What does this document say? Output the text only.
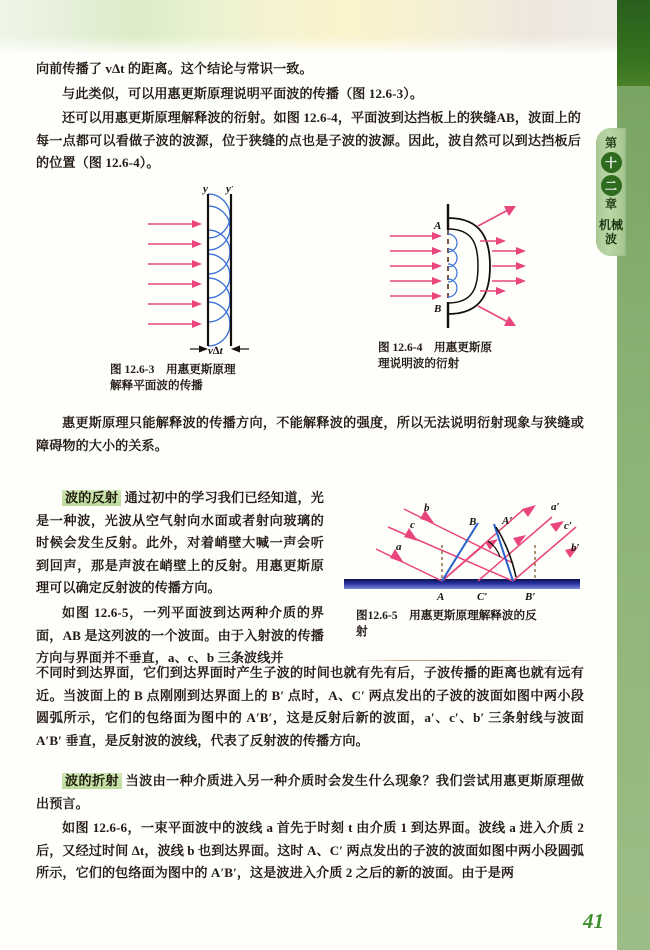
第
十
二
章
机械波

向前传播了 v∆t 的距离。这个结论与常识一致。

与此类似，可以用惠更斯原理说明平面波的传播（图 12.6-3）。

还可以用惠更斯原理解释波的衍射。如图 12.6-4，平面波到达挡板上的狭缝AB，波面上的每一点都可以看做子波的波源，位于狭缝的点也是子波的波源。因此，波自然可以到达挡板后的位置（图 12.6-4）。

y y′
v∆t
图 12.6-3　用惠更斯原理解释平面波的传播
A
B
图 12.6-4　用惠更斯原理说明波的衍射

惠更斯原理只能解释波的传播方向，不能解释波的强度，所以无法说明衍射现象与狭缝或障碍物的大小的关系。

波的反射 通过初中的学习我们已经知道，光是一种波，光波从空气射向水面或者射向玻璃的时候会发生反射。此外，对着峭壁大喊一声会听到回声，那是声波在峭壁上的反射。用惠更斯原理可以确定反射波的传播方向。

如图 12.6-5，一列平面波到达两种介质的界面，AB 是这列波的一个波面。由于入射波的传播方向与界面并不垂直，a、c、b 三条波线并

a
c
b
B A′
a′
c′
b′
A	C′	B′
图12.6-5　用惠更斯原理解释波的反射

不同时到达界面，它们到达界面时产生子波的时间也就有先有后，子波传播的距离也就有远有近。当波面上的 B 点刚刚到达界面上的 B′ 点时，A、C′ 两点发出的子波的波面如图中两小段圆弧所示，它们的包络面为图中的 A′B′，这是反射后新的波面，a′、c′、b′ 三条射线与波面 A′B′ 垂直，是反射波的波线，代表了反射波的传播方向。

波的折射 当波由一种介质进入另一种介质时会发生什么现象？我们尝试用惠更斯原理做出预言。

如图 12.6-6，一束平面波中的波线 a 首先于时刻 t 由介质 1 到达界面。波线 a 进入介质 2 后，又经过时间 ∆t，波线 b 也到达界面。这时 A、C′ 两点发出的子波的波面如图中两小段圆弧所示，它们的包络面为图中的 A′B′，这是波进入介质 2 之后的新的波面。由于是两

41
